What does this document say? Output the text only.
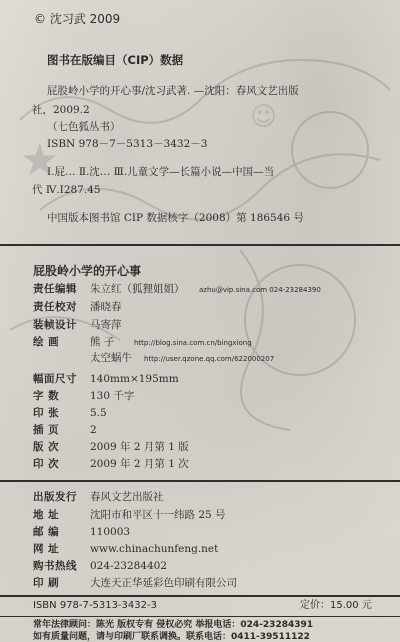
★
☺
© 沈习武 2009
图书在版编目（CIP）数据
屁股岭小学的开心事/沈习武著. —沈阳：春风文艺出版
社，2009.2
（七色狐丛书）
ISBN 978－7－5313－3432－3
Ⅰ.屁… Ⅱ.沈… Ⅲ.儿童文学—长篇小说—中国—当
代 Ⅳ.I287.45
中国版本图书馆 CIP 数据核字（2008）第 186546 号
屁股岭小学的开心事
责任编辑 朱立红（狐狸姐姐） azhu@vip.sina.com 024-23284390
责任校对 潘晓春
装帧设计 马寄萍
绘 画	熊 子	http://blog.sina.com.cn/bingxiong
太空蜗牛 http://user.qzone.qq.com/622000207
幅面尺寸 140mm×195mm
字 数	130 千字
印 张	5.5
插 页	2
版 次	2009 年 2 月第 1 版
印 次	2009 年 2 月第 1 次
出版发行 春风文艺出版社
地 址	沈阳市和平区十一纬路 25 号
邮 编	110003
网 址	www.chinachunfeng.net
购书热线 024-23284402
印 刷	大连天正华延彩色印刷有限公司
ISBN 978-7-5313-3432-3	定价：15.00 元
常年法律顾问：陈光 版权专有 侵权必究 举报电话：024-23284391
如有质量问题，请与印刷厂联系调换。联系电话：0411-39511122
